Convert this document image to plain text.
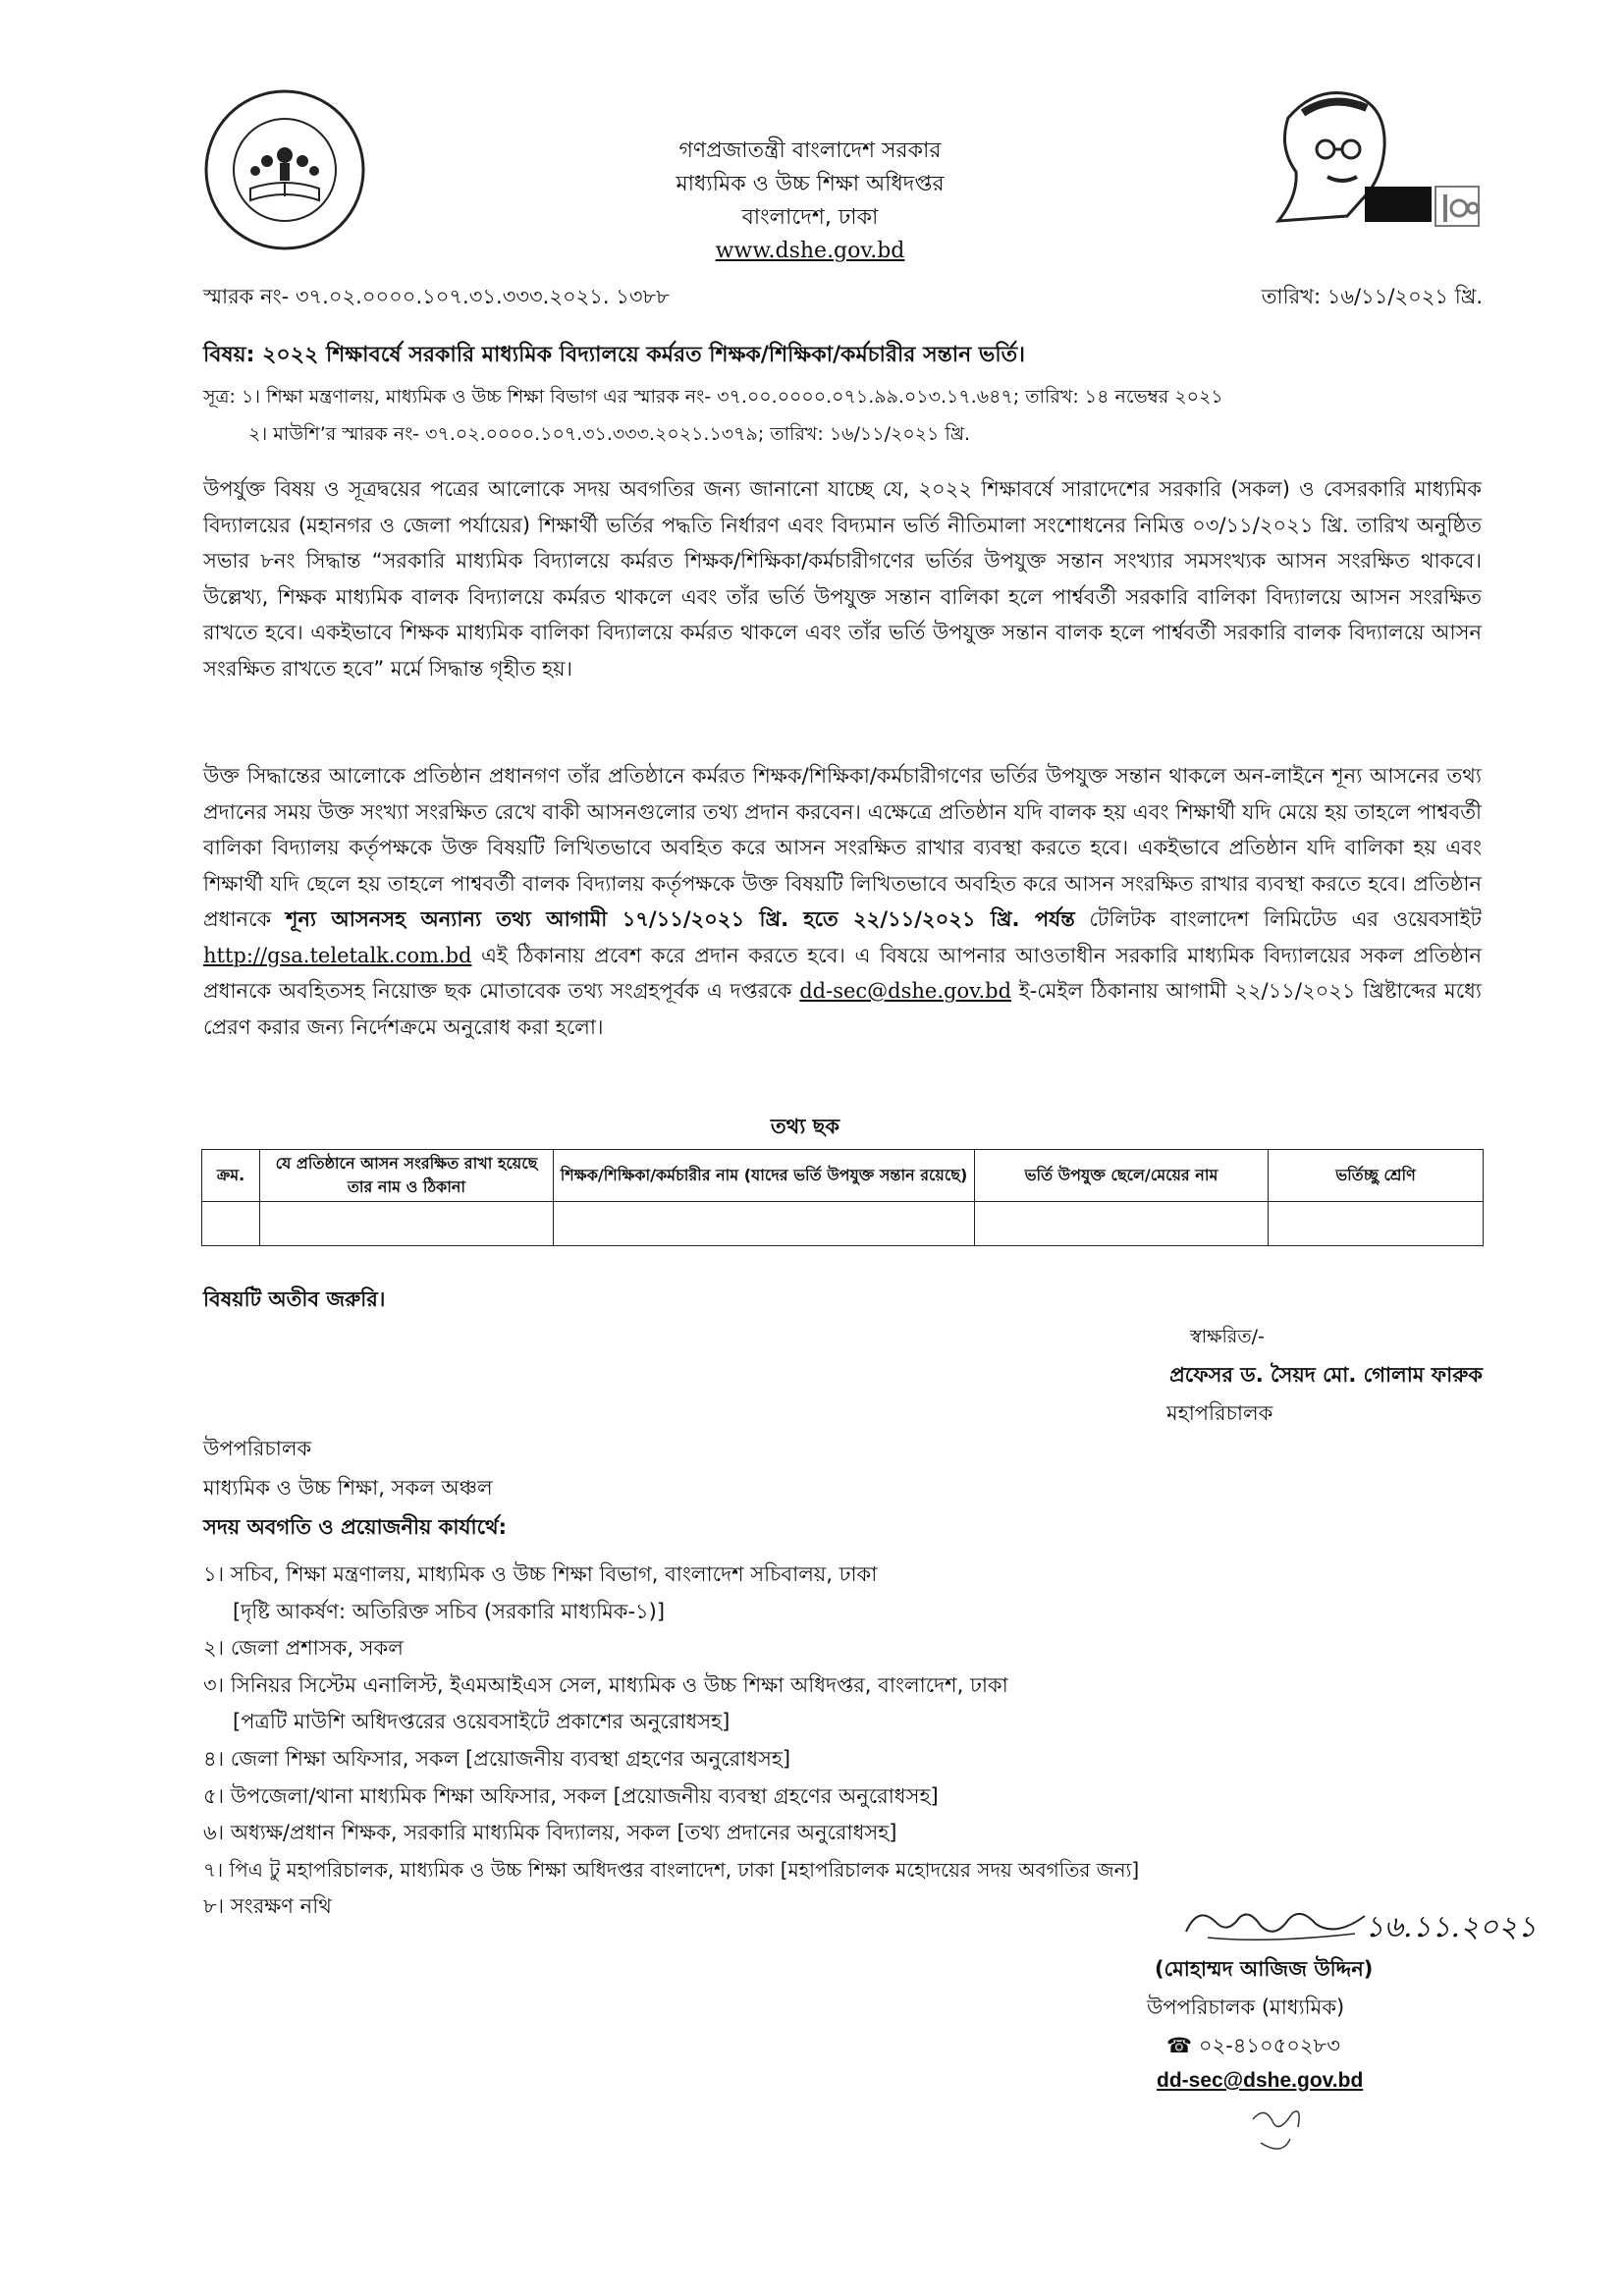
গণপ্রজাতন্ত্রী বাংলাদেশ সরকার
মাধ্যমিক ও উচ্চ শিক্ষা অধিদপ্তর
বাংলাদেশ, ঢাকা
www.dshe.gov.bd
স্মারক নং- ৩৭.০২.০০০০.১০৭.৩১.৩৩৩.২০২১. ১৩৮৮	তারিখ: ১৬/১১/২০২১ খ্রি.
বিষয়: ২০২২ শিক্ষাবর্ষে সরকারি মাধ্যমিক বিদ্যালয়ে কর্মরত শিক্ষক/শিক্ষিকা/কর্মচারীর সন্তান ভর্তি।
সূত্র: ১। শিক্ষা মন্ত্রণালয়, মাধ্যমিক ও উচ্চ শিক্ষা বিভাগ এর স্মারক নং- ৩৭.০০.০০০০.০৭১.৯৯.০১৩.১৭.৬৪৭; তারিখ: ১৪ নভেম্বর ২০২১
২। মাউশি’র স্মারক নং- ৩৭.০২.০০০০.১০৭.৩১.৩৩৩.২০২১.১৩৭৯; তারিখ: ১৬/১১/২০২১ খ্রি.
উপর্যুক্ত বিষয় ও সূত্রদ্বয়ের পত্রের আলোকে সদয় অবগতির জন্য জানানো যাচ্ছে যে, ২০২২ শিক্ষাবর্ষে সারাদেশের সরকারি (সকল) ও বেসরকারি মাধ্যমিক বিদ্যালয়ের (মহানগর ও জেলা পর্যায়ের) শিক্ষার্থী ভর্তির পদ্ধতি নির্ধারণ এবং বিদ্যমান ভর্তি নীতিমালা সংশোধনের নিমিত্ত ০৩/১১/২০২১ খ্রি. তারিখ অনুষ্ঠিত সভার ৮নং সিদ্ধান্ত “সরকারি মাধ্যমিক বিদ্যালয়ে কর্মরত শিক্ষক/শিক্ষিকা/কর্মচারীগণের ভর্তির উপযুক্ত সন্তান সংখ্যার সমসংখ্যক আসন সংরক্ষিত থাকবে। উল্লেখ্য, শিক্ষক মাধ্যমিক বালক বিদ্যালয়ে কর্মরত থাকলে এবং তাঁর ভর্তি উপযুক্ত সন্তান বালিকা হলে পার্শ্ববর্তী সরকারি বালিকা বিদ্যালয়ে আসন সংরক্ষিত রাখতে হবে। একইভাবে শিক্ষক মাধ্যমিক বালিকা বিদ্যালয়ে কর্মরত থাকলে এবং তাঁর ভর্তি উপযুক্ত সন্তান বালক হলে পার্শ্ববর্তী সরকারি বালক বিদ্যালয়ে আসন সংরক্ষিত রাখতে হবে” মর্মে সিদ্ধান্ত গৃহীত হয়।
উক্ত সিদ্ধান্তের আলোকে প্রতিষ্ঠান প্রধানগণ তাঁর প্রতিষ্ঠানে কর্মরত শিক্ষক/শিক্ষিকা/কর্মচারীগণের ভর্তির উপযুক্ত সন্তান থাকলে অন-লাইনে শূন্য আসনের তথ্য প্রদানের সময় উক্ত সংখ্যা সংরক্ষিত রেখে বাকী আসনগুলোর তথ্য প্রদান করবেন। এক্ষেত্রে প্রতিষ্ঠান যদি বালক হয় এবং শিক্ষার্থী যদি মেয়ে হয় তাহলে পাশ্ববর্তী বালিকা বিদ্যালয় কর্তৃপক্ষকে উক্ত বিষয়টি লিখিতভাবে অবহিত করে আসন সংরক্ষিত রাখার ব্যবস্থা করতে হবে। একইভাবে প্রতিষ্ঠান যদি বালিকা হয় এবং শিক্ষার্থী যদি ছেলে হয় তাহলে পাশ্ববর্তী বালক বিদ্যালয় কর্তৃপক্ষকে উক্ত বিষয়টি লিখিতভাবে অবহিত করে আসন সংরক্ষিত রাখার ব্যবস্থা করতে হবে। প্রতিষ্ঠান প্রধানকে শূন্য আসনসহ অন্যান্য তথ্য আগামী ১৭/১১/২০২১ খ্রি. হতে ২২/১১/২০২১ খ্রি. পর্যন্ত টেলিটক বাংলাদেশ লিমিটেড এর ওয়েবসাইট http://gsa.teletalk.com.bd এই ঠিকানায় প্রবেশ করে প্রদান করতে হবে। এ বিষয়ে আপনার আওতাধীন সরকারি মাধ্যমিক বিদ্যালয়ের সকল প্রতিষ্ঠান প্রধানকে অবহিতসহ নিয়োক্ত ছক মোতাবেক তথ্য সংগ্রহপূর্বক এ দপ্তরকে dd-sec@dshe.gov.bd ই-মেইল ঠিকানায় আগামী ২২/১১/২০২১ খ্রিষ্টাব্দের মধ্যে প্রেরণ করার জন্য নির্দেশক্রমে অনুরোধ করা হলো।
তথ্য ছক
ক্রম.	যে প্রতিষ্ঠানে আসন সংরক্ষিত রাখা হয়েছে তার নাম ও ঠিকানা	শিক্ষক/শিক্ষিকা/কর্মচারীর নাম (যাদের ভর্তি উপযুক্ত সন্তান রয়েছে)	ভর্তি উপযুক্ত ছেলে/মেয়ের নাম	ভর্তিচ্ছু শ্রেণি

বিষয়টি অতীব জরুরি।
স্বাক্ষরিত/-
প্রফেসর ড. সৈয়দ মো. গোলাম ফারুক
মহাপরিচালক
উপপরিচালক
মাধ্যমিক ও উচ্চ শিক্ষা, সকল অঞ্চল
সদয় অবগতি ও প্রয়োজনীয় কার্যার্থে:
১। সচিব, শিক্ষা মন্ত্রণালয়, মাধ্যমিক ও উচ্চ শিক্ষা বিভাগ, বাংলাদেশ সচিবালয়, ঢাকা
[দৃষ্টি আকর্ষণ: অতিরিক্ত সচিব (সরকারি মাধ্যমিক-১)]
২। জেলা প্রশাসক, সকল
৩। সিনিয়র সিস্টেম এনালিস্ট, ইএমআইএস সেল, মাধ্যমিক ও উচ্চ শিক্ষা অধিদপ্তর, বাংলাদেশ, ঢাকা
[পত্রটি মাউশি অধিদপ্তরের ওয়েবসাইটে প্রকাশের অনুরোধসহ]
৪। জেলা শিক্ষা অফিসার, সকল [প্রয়োজনীয় ব্যবস্থা গ্রহণের অনুরোধসহ]
৫। উপজেলা/থানা মাধ্যমিক শিক্ষা অফিসার, সকল [প্রয়োজনীয় ব্যবস্থা গ্রহণের অনুরোধসহ]
৬। অধ্যক্ষ/প্রধান শিক্ষক, সরকারি মাধ্যমিক বিদ্যালয়, সকল [তথ্য প্রদানের অনুরোধসহ]
৭। পিএ টু মহাপরিচালক, মাধ্যমিক ও উচ্চ শিক্ষা অধিদপ্তর বাংলাদেশ, ঢাকা [মহাপরিচালক মহোদয়ের সদয় অবগতির জন্য]
৮। সংরক্ষণ নথি
১৬.১১.২০২১
(মোহাম্মদ আজিজ উদ্দিন)
উপপরিচালক (মাধ্যমিক)
☎ ০২-৪১০৫০২৮৩
dd-sec@dshe.gov.bd
